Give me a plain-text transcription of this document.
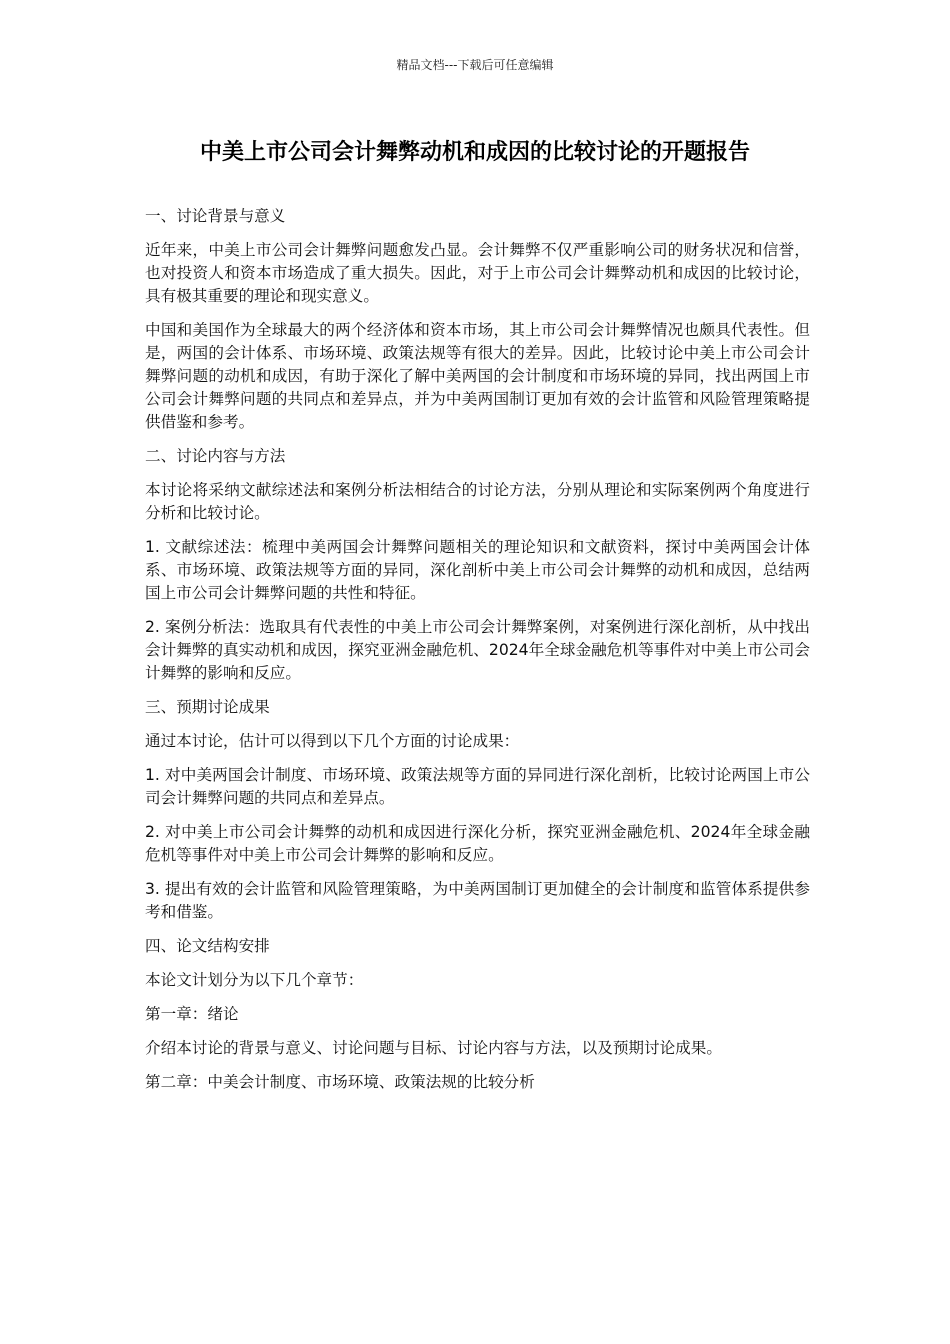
精品文档---下载后可任意编辑
中美上市公司会计舞弊动机和成因的比较讨论的开题报告

一、讨论背景与意义

近年来，中美上市公司会计舞弊问题愈发凸显。会计舞弊不仅严重影响公司的财务状况和信誉，也对投资人和资本市场造成了重大损失。因此，对于上市公司会计舞弊动机和成因的比较讨论，具有极其重要的理论和现实意义。

中国和美国作为全球最大的两个经济体和资本市场，其上市公司会计舞弊情况也颇具代表性。但是，两国的会计体系、市场环境、政策法规等有很大的差异。因此，比较讨论中美上市公司会计舞弊问题的动机和成因，有助于深化了解中美两国的会计制度和市场环境的异同，找出两国上市公司会计舞弊问题的共同点和差异点，并为中美两国制订更加有效的会计监管和风险管理策略提供借鉴和参考。

二、讨论内容与方法

本讨论将采纳文献综述法和案例分析法相结合的讨论方法，分别从理论和实际案例两个角度进行分析和比较讨论。

1. 文献综述法：梳理中美两国会计舞弊问题相关的理论知识和文献资料，探讨中美两国会计体系、市场环境、政策法规等方面的异同，深化剖析中美上市公司会计舞弊的动机和成因，总结两国上市公司会计舞弊问题的共性和特征。

2. 案例分析法：选取具有代表性的中美上市公司会计舞弊案例，对案例进行深化剖析，从中找出会计舞弊的真实动机和成因，探究亚洲金融危机、2024年全球金融危机等事件对中美上市公司会计舞弊的影响和反应。

三、预期讨论成果

通过本讨论，估计可以得到以下几个方面的讨论成果：

1. 对中美两国会计制度、市场环境、政策法规等方面的异同进行深化剖析，比较讨论两国上市公司会计舞弊问题的共同点和差异点。

2. 对中美上市公司会计舞弊的动机和成因进行深化分析，探究亚洲金融危机、2024年全球金融危机等事件对中美上市公司会计舞弊的影响和反应。

3. 提出有效的会计监管和风险管理策略，为中美两国制订更加健全的会计制度和监管体系提供参考和借鉴。

四、论文结构安排

本论文计划分为以下几个章节：

第一章：绪论

介绍本讨论的背景与意义、讨论问题与目标、讨论内容与方法，以及预期讨论成果。

第二章：中美会计制度、市场环境、政策法规的比较分析
